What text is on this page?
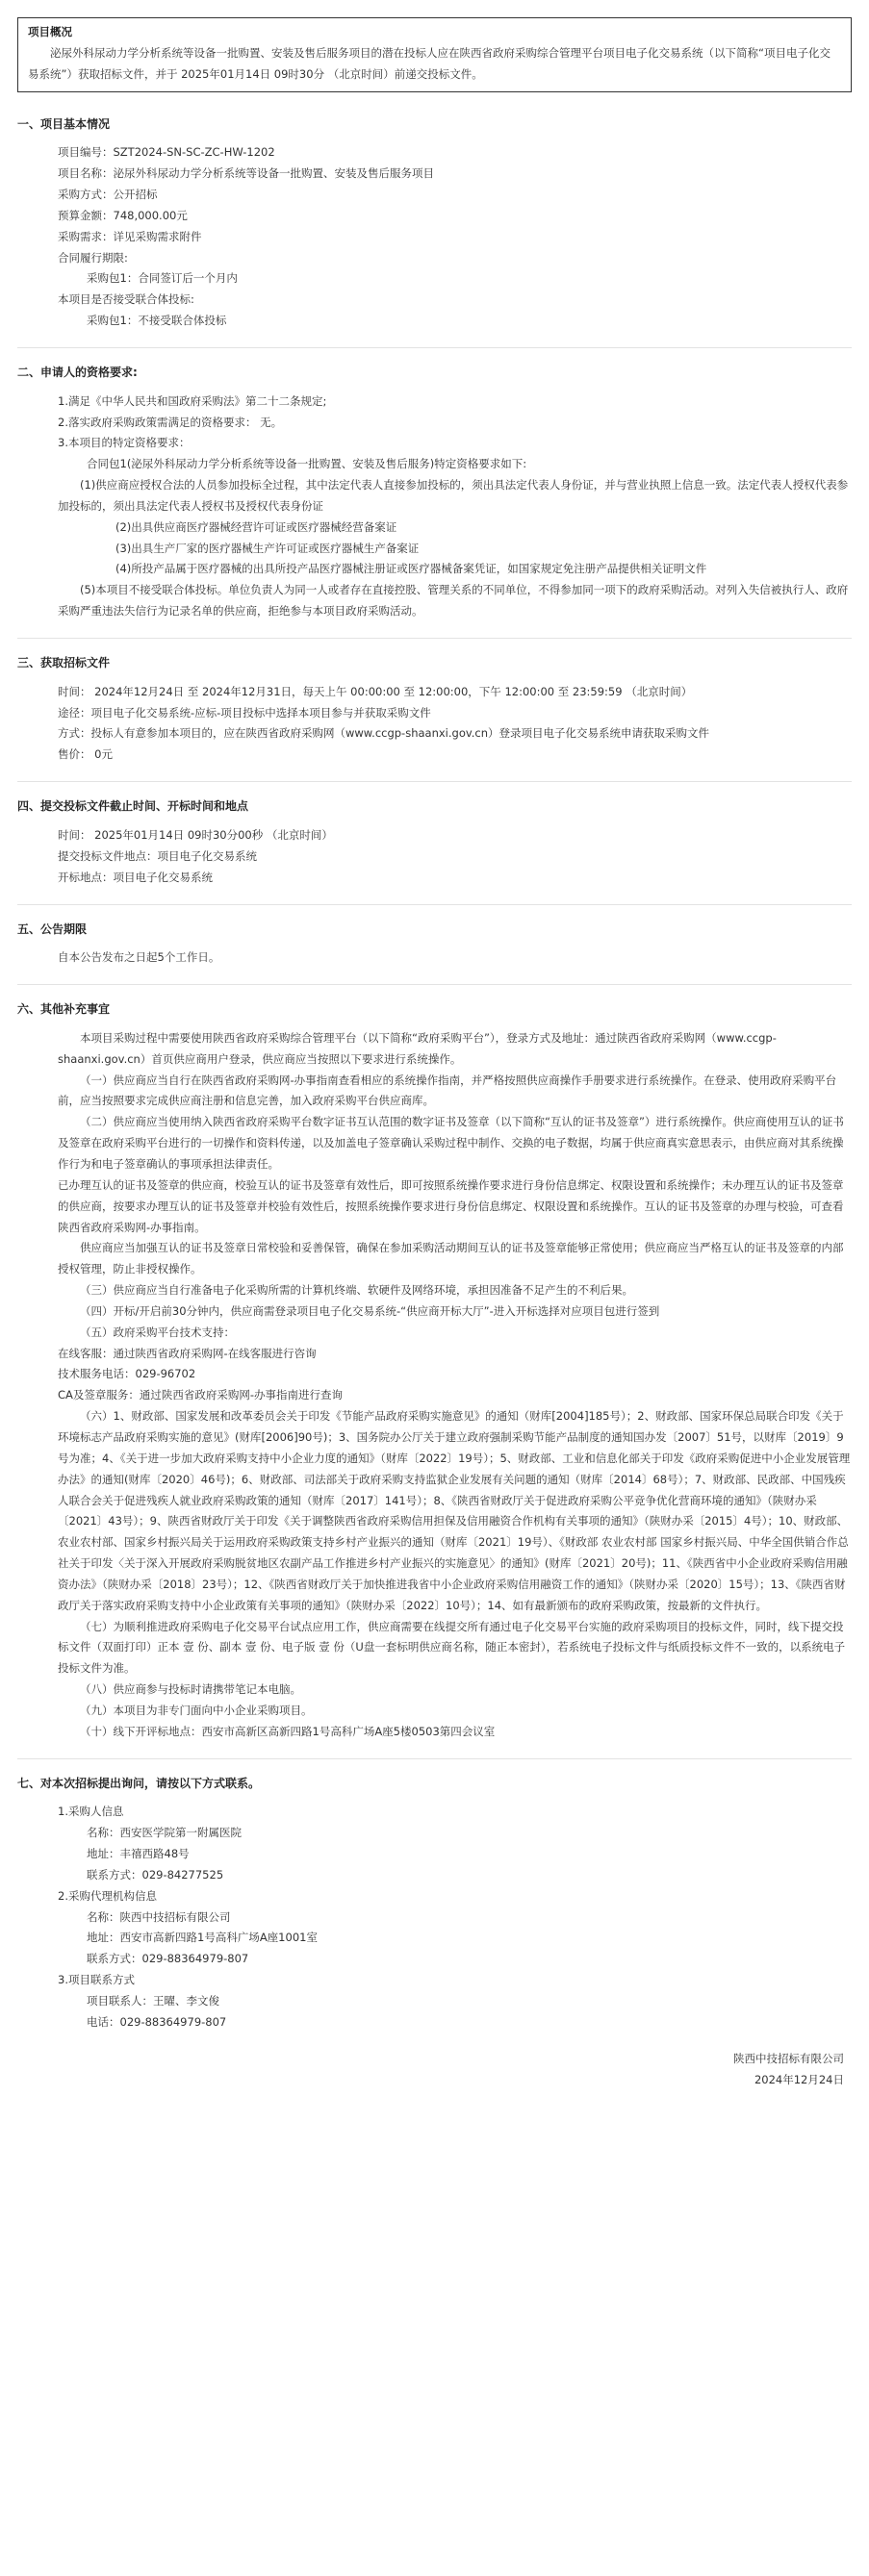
项目概况
泌尿外科尿动力学分析系统等设备一批购置、安装及售后服务项目的潜在投标人应在陕西省政府采购综合管理平台项目电子化交易系统（以下简称“项目电子化交易系统”）获取招标文件，并于 2025年01月14日 09时30分 （北京时间）前递交投标文件。
一、项目基本情况
项目编号：SZT2024-SN-SC-ZC-HW-1202
项目名称：泌尿外科尿动力学分析系统等设备一批购置、安装及售后服务项目
采购方式：公开招标
预算金额：748,000.00元
采购需求：详见采购需求附件
合同履行期限:
采购包1：合同签订后一个月内
本项目是否接受联合体投标:
采购包1：不接受联合体投标
二、申请人的资格要求:
1.满足《中华人民共和国政府采购法》第二十二条规定;
2.落实政府采购政策需满足的资格要求： 无。
3.本项目的特定资格要求：
合同包1(泌尿外科尿动力学分析系统等设备一批购置、安装及售后服务)特定资格要求如下:
(1)供应商应授权合法的人员参加投标全过程，其中法定代表人直接参加投标的，须出具法定代表人身份证，并与营业执照上信息一致。法定代表人授权代表参加投标的，须出具法定代表人授权书及授权代表身份证
(2)出具供应商医疗器械经营许可证或医疗器械经营备案证
(3)出具生产厂家的医疗器械生产许可证或医疗器械生产备案证
(4)所投产品属于医疗器械的出具所投产品医疗器械注册证或医疗器械备案凭证，如国家规定免注册产品提供相关证明文件
(5)本项目不接受联合体投标。单位负责人为同一人或者存在直接控股、管理关系的不同单位，不得参加同一项下的政府采购活动。对列入失信被执行人、政府采购严重违法失信行为记录名单的供应商，拒绝参与本项目政府采购活动。
三、获取招标文件
时间： 2024年12月24日 至 2024年12月31日，每天上午 00:00:00 至 12:00:00，下午 12:00:00 至 23:59:59 （北京时间）
途径：项目电子化交易系统-应标-项目投标中选择本项目参与并获取采购文件
方式：投标人有意参加本项目的，应在陕西省政府采购网（www.ccgp-shaanxi.gov.cn）登录项目电子化交易系统申请获取采购文件
售价： 0元
四、提交投标文件截止时间、开标时间和地点
时间： 2025年01月14日 09时30分00秒 （北京时间）
提交投标文件地点：项目电子化交易系统
开标地点：项目电子化交易系统
五、公告期限
自本公告发布之日起5个工作日。
六、其他补充事宜
本项目采购过程中需要使用陕西省政府采购综合管理平台（以下简称“政府采购平台”），登录方式及地址：通过陕西省政府采购网（www.ccgp-shaanxi.gov.cn）首页供应商用户登录，供应商应当按照以下要求进行系统操作。
（一）供应商应当自行在陕西省政府采购网-办事指南查看相应的系统操作指南，并严格按照供应商操作手册要求进行系统操作。在登录、使用政府采购平台前，应当按照要求完成供应商注册和信息完善，加入政府采购平台供应商库。
（二）供应商应当使用纳入陕西省政府采购平台数字证书互认范围的数字证书及签章（以下简称“互认的证书及签章”）进行系统操作。供应商使用互认的证书及签章在政府采购平台进行的一切操作和资料传递，以及加盖电子签章确认采购过程中制作、交换的电子数据，均属于供应商真实意思表示，由供应商对其系统操作行为和电子签章确认的事项承担法律责任。
已办理互认的证书及签章的供应商，校验互认的证书及签章有效性后，即可按照系统操作要求进行身份信息绑定、权限设置和系统操作；未办理互认的证书及签章的供应商，按要求办理互认的证书及签章并校验有效性后，按照系统操作要求进行身份信息绑定、权限设置和系统操作。互认的证书及签章的办理与校验，可查看陕西省政府采购网-办事指南。
供应商应当加强互认的证书及签章日常校验和妥善保管，确保在参加采购活动期间互认的证书及签章能够正常使用；供应商应当严格互认的证书及签章的内部授权管理，防止非授权操作。
（三）供应商应当自行准备电子化采购所需的计算机终端、软硬件及网络环境，承担因准备不足产生的不利后果。
（四）开标/开启前30分钟内，供应商需登录项目电子化交易系统-“供应商开标大厅”-进入开标选择对应项目包进行签到
（五）政府采购平台技术支持：
在线客服：通过陕西省政府采购网-在线客服进行咨询
技术服务电话：029-96702
CA及签章服务：通过陕西省政府采购网-办事指南进行查询
（六）1、财政部、国家发展和改革委员会关于印发《节能产品政府采购实施意见》的通知（财库[2004]185号）；2、财政部、国家环保总局联合印发《关于环境标志产品政府采购实施的意见》(财库[2006]90号)；3、国务院办公厅关于建立政府强制采购节能产品制度的通知国办发〔2007〕51号，以财库〔2019〕9号为准；4、《关于进一步加大政府采购支持中小企业力度的通知》（财库〔2022〕19号）；5、财政部、工业和信息化部关于印发《政府采购促进中小企业发展管理办法》的通知(财库〔2020〕46号)；6、财政部、司法部关于政府采购支持监狱企业发展有关问题的通知（财库〔2014〕68号）；7、财政部、民政部、中国残疾人联合会关于促进残疾人就业政府采购政策的通知（财库〔2017〕141号）；8、《陕西省财政厅关于促进政府采购公平竞争优化营商环境的通知》（陕财办采〔2021〕43号）；9、陕西省财政厅关于印发《关于调整陕西省政府采购信用担保及信用融资合作机构有关事项的通知》（陕财办采〔2015〕4号）；10、财政部、农业农村部、国家乡村振兴局关于运用政府采购政策支持乡村产业振兴的通知（财库〔2021〕19号）、《财政部 农业农村部 国家乡村振兴局、中华全国供销合作总社关于印发〈关于深入开展政府采购脱贫地区农副产品工作推进乡村产业振兴的实施意见〉的通知》(财库〔2021〕20号)；11、《陕西省中小企业政府采购信用融资办法》（陕财办采〔2018〕23号）；12、《陕西省财政厅关于加快推进我省中小企业政府采购信用融资工作的通知》（陕财办采〔2020〕15号）；13、《陕西省财政厅关于落实政府采购支持中小企业政策有关事项的通知》（陕财办采〔2022〕10号）；14、如有最新颁布的政府采购政策，按最新的文件执行。
（七）为顺利推进政府采购电子化交易平台试点应用工作，供应商需要在线提交所有通过电子化交易平台实施的政府采购项目的投标文件，同时，线下提交投标文件（双面打印）正本 壹 份、副本 壹 份、电子版 壹 份（U盘一套标明供应商名称，随正本密封），若系统电子投标文件与纸质投标文件不一致的，以系统电子投标文件为准。
（八）供应商参与投标时请携带笔记本电脑。
（九）本项目为非专门面向中小企业采购项目。
（十）线下开评标地点：西安市高新区高新四路1号高科广场A座5楼0503第四会议室
七、对本次招标提出询问，请按以下方式联系。
1.采购人信息
名称：西安医学院第一附属医院
地址：丰禧西路48号
联系方式：029-84277525
2.采购代理机构信息
名称：陕西中技招标有限公司
地址：西安市高新四路1号高科广场A座1001室
联系方式：029-88364979-807
3.项目联系方式
项目联系人：王曜、李文俊
电话：029-88364979-807
陕西中技招标有限公司
2024年12月24日
